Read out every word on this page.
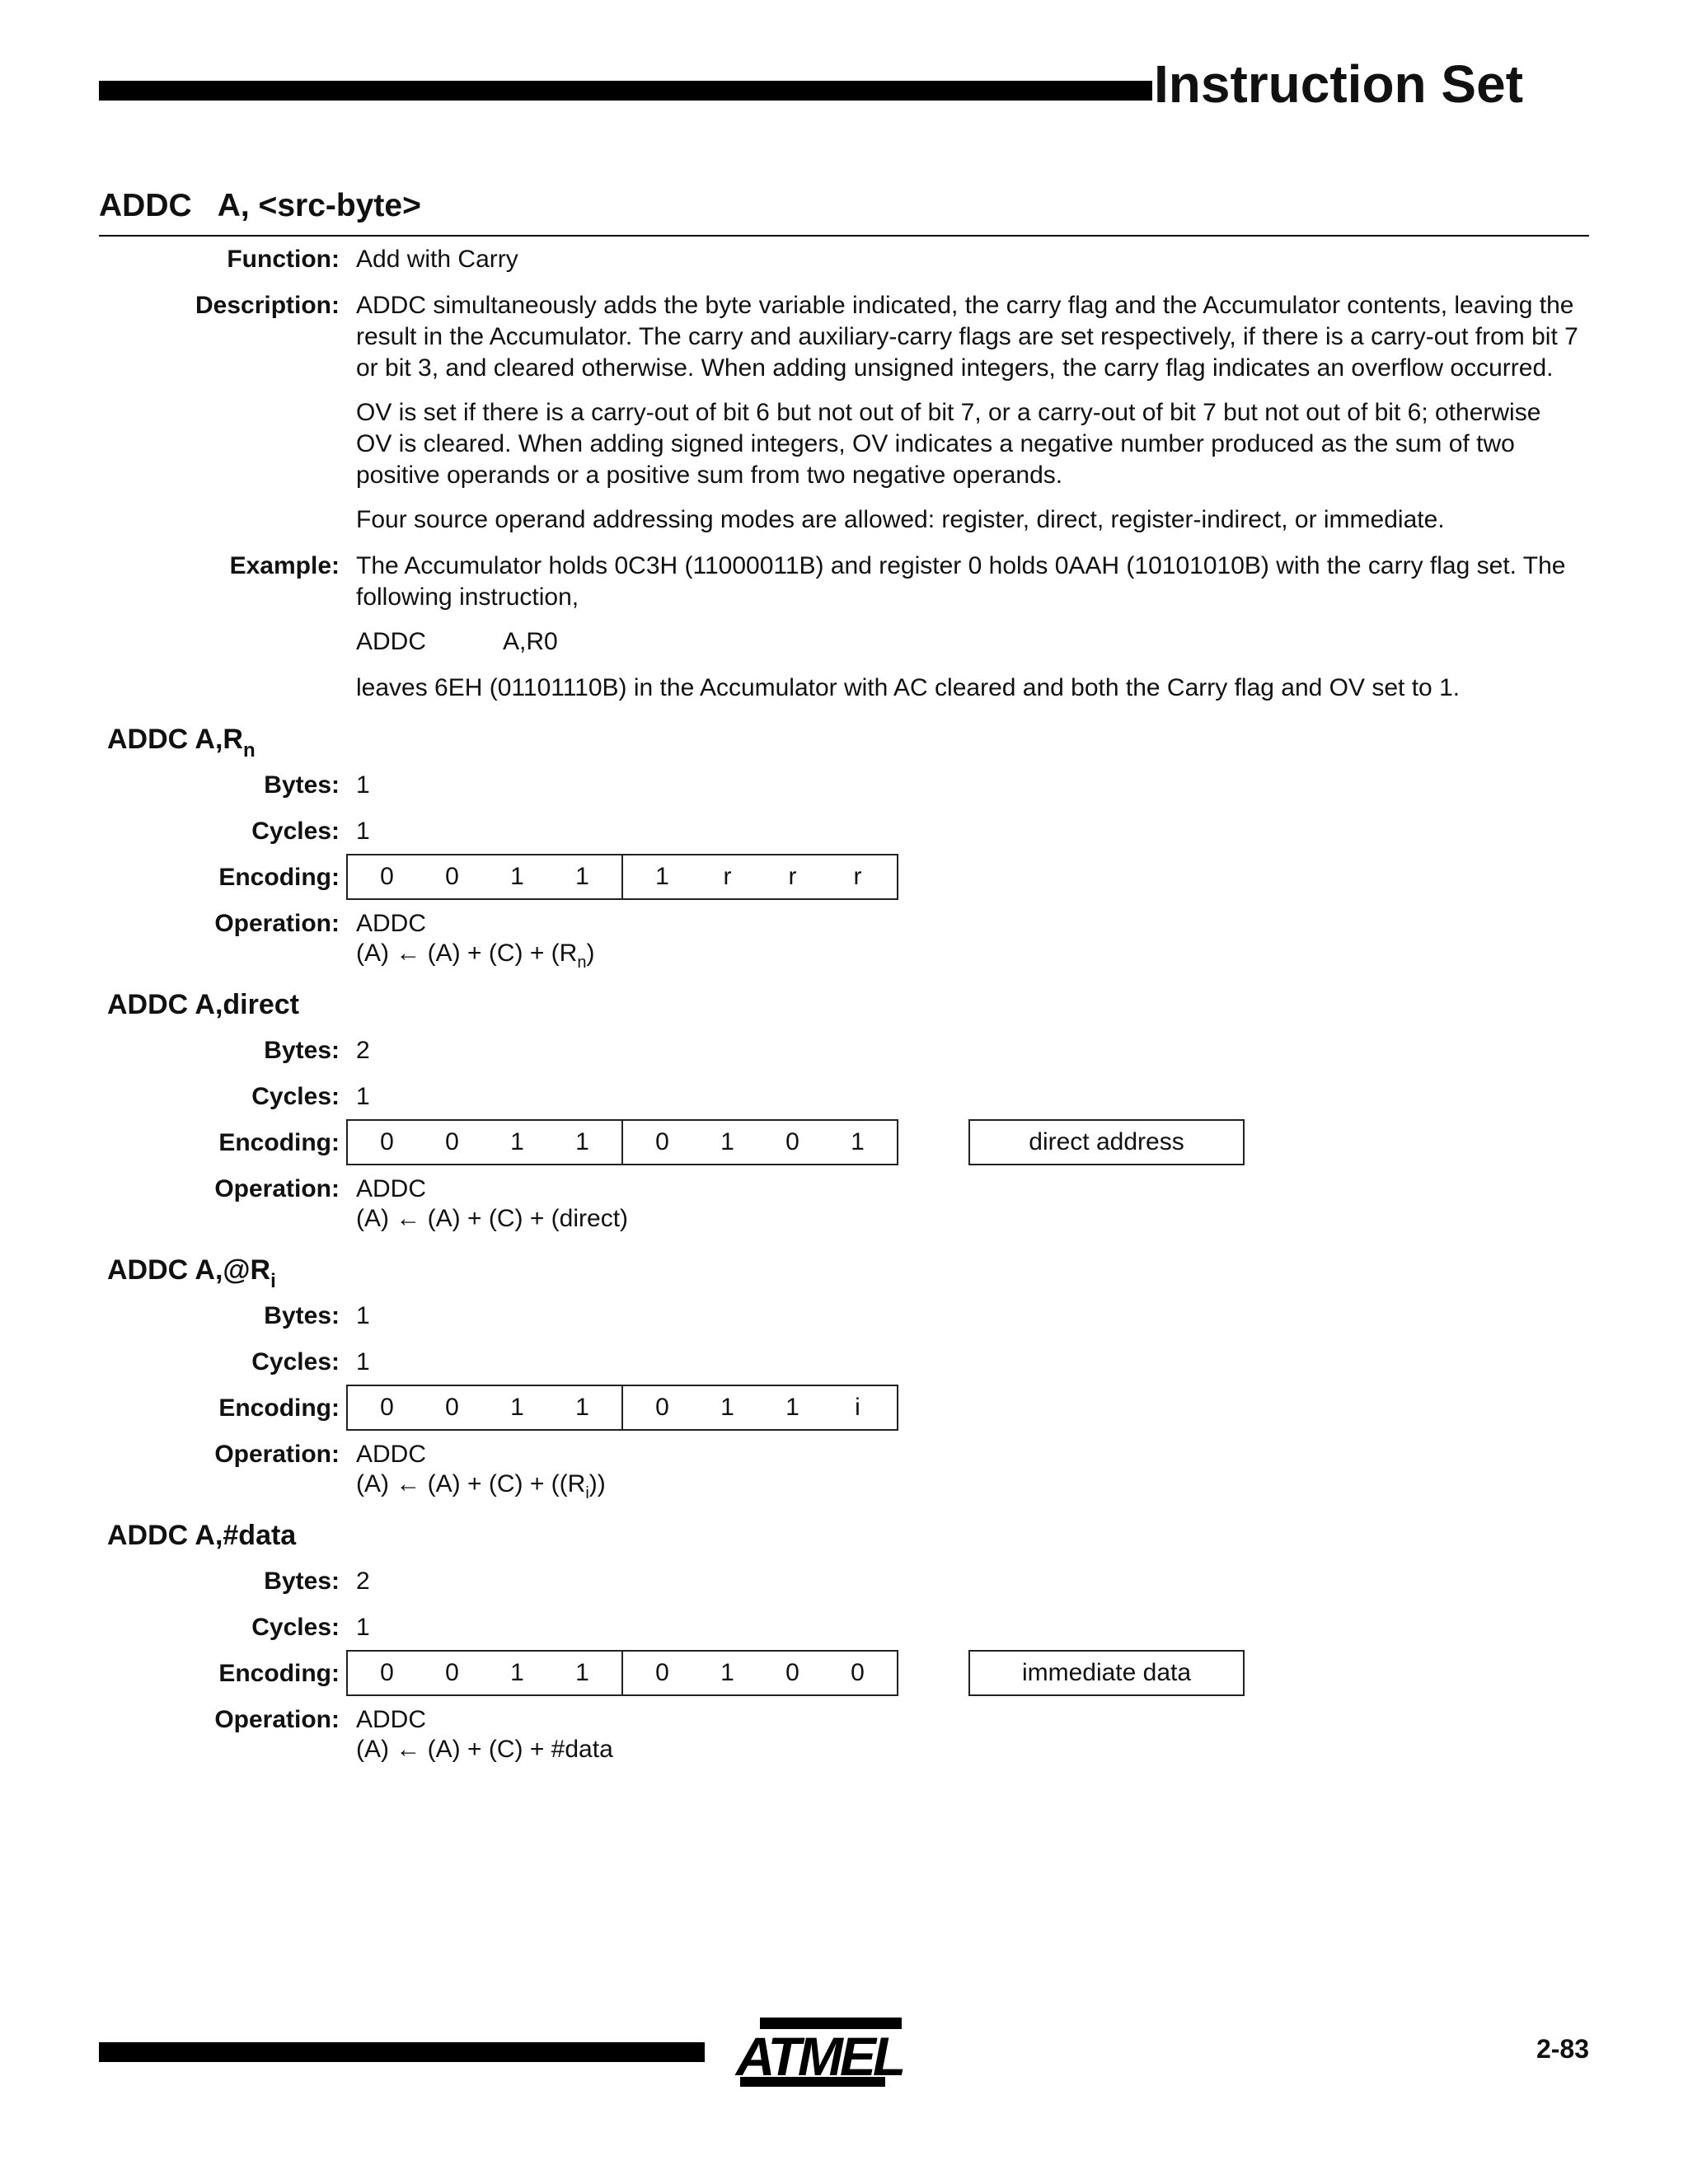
Instruction Set
ADDC   A, <src-byte>
Function: Add with Carry
Description: ADDC simultaneously adds the byte variable indicated, the carry flag and the Accumulator contents, leaving the result in the Accumulator. The carry and auxiliary-carry flags are set respectively, if there is a carry-out from bit 7 or bit 3, and cleared otherwise. When adding unsigned integers, the carry flag indicates an overflow occurred.
OV is set if there is a carry-out of bit 6 but not out of bit 7, or a carry-out of bit 7 but not out of bit 6; otherwise OV is cleared. When adding signed integers, OV indicates a negative number produced as the sum of two positive operands or a positive sum from two negative operands.
Four source operand addressing modes are allowed: register, direct, register-indirect, or immediate.
Example: The Accumulator holds 0C3H (11000011B) and register 0 holds 0AAH (10101010B) with the carry flag set. The following instruction,
ADDC	A,R0
leaves 6EH (01101110B) in the Accumulator with AC cleared and both the Carry flag and OV set to 1.
ADDC $A,R_n$
Bytes: 1
Cycles: 1
Encoding:	0	0	1	1	1	r	r	r
Operation: ADDC
(A) ← $(A) + (C) + (R_n)$
ADDC A,direct
Bytes: 2
Cycles: 1
Encoding:	0	0	1	1	0	1	0	1	direct address
Operation: ADDC
(A) ← (A) + (C) + (direct)
ADDC $A,@R_i$
Bytes: 1
Cycles: 1
Encoding:	0	0	1	1	0	1	1	i
Operation: ADDC
(A) ← $(A) + (C) + ((R_i))$
ADDC A,#data
Bytes: 2
Cycles: 1
Encoding:	0	0	1	1	0	1	0	0	immediate data
Operation: ADDC
(A) ← (A) + (C) + #data
ATMEL	2-83
